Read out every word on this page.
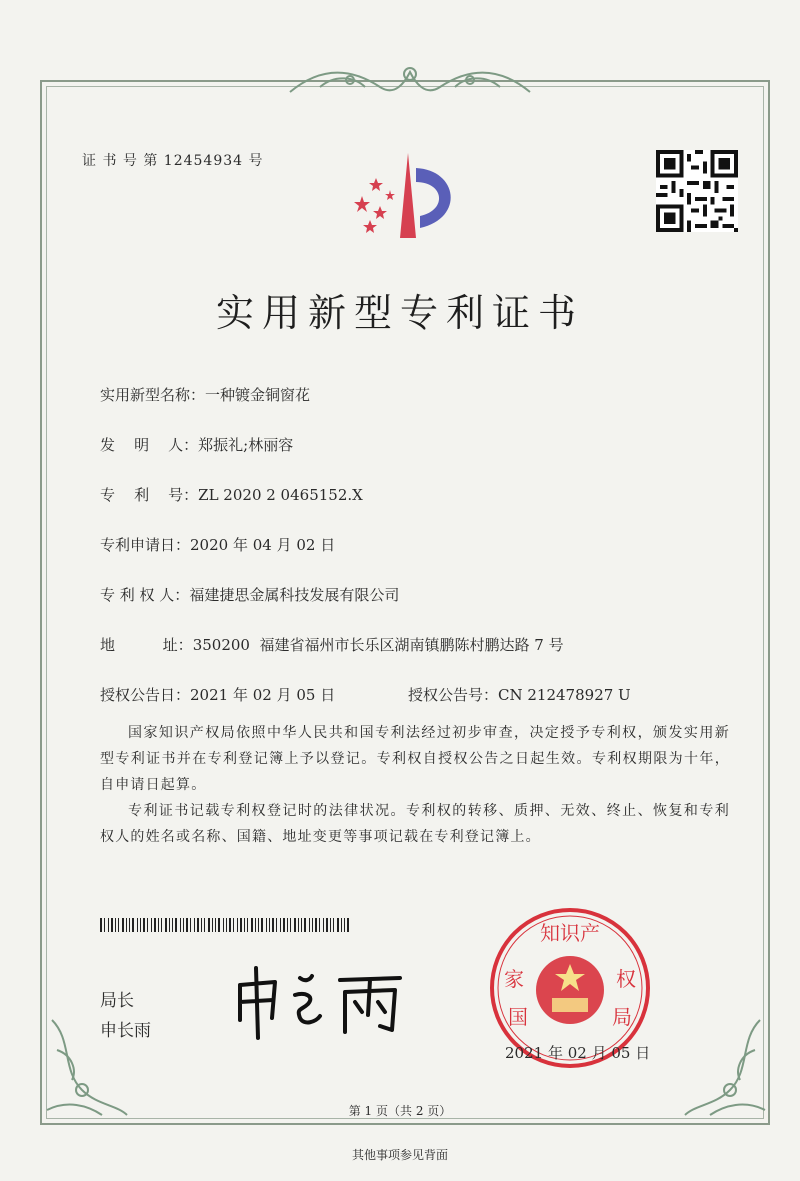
证 书 号 第 12454934 号
实用新型专利证书
实用新型名称：一种镀金铜窗花
发    明    人：郑振礼;林丽容
专    利    号：ZL 2020 2 0465152.X
专利申请日：2020 年 04 月 02 日
专 利 权 人：福建捷思金属科技发展有限公司
地          址：350200  福建省福州市长乐区湖南镇鹏陈村鹏达路 7 号
授权公告日：2021 年 02 月 05 日	授权公告号：CN 212478927 U
国家知识产权局依照中华人民共和国专利法经过初步审查，决定授予专利权，颁发实用新型专利证书并在专利登记簿上予以登记。专利权自授权公告之日起生效。专利权期限为十年，自申请日起算。
专利证书记载专利权登记时的法律状况。专利权的转移、质押、无效、终止、恢复和专利权人的姓名或名称、国籍、地址变更等事项记载在专利登记簿上。
局长
申长雨
知识产
家
国
权
局
2021 年 02 月 05 日
第 1 页（共 2 页）
其他事项参见背面
